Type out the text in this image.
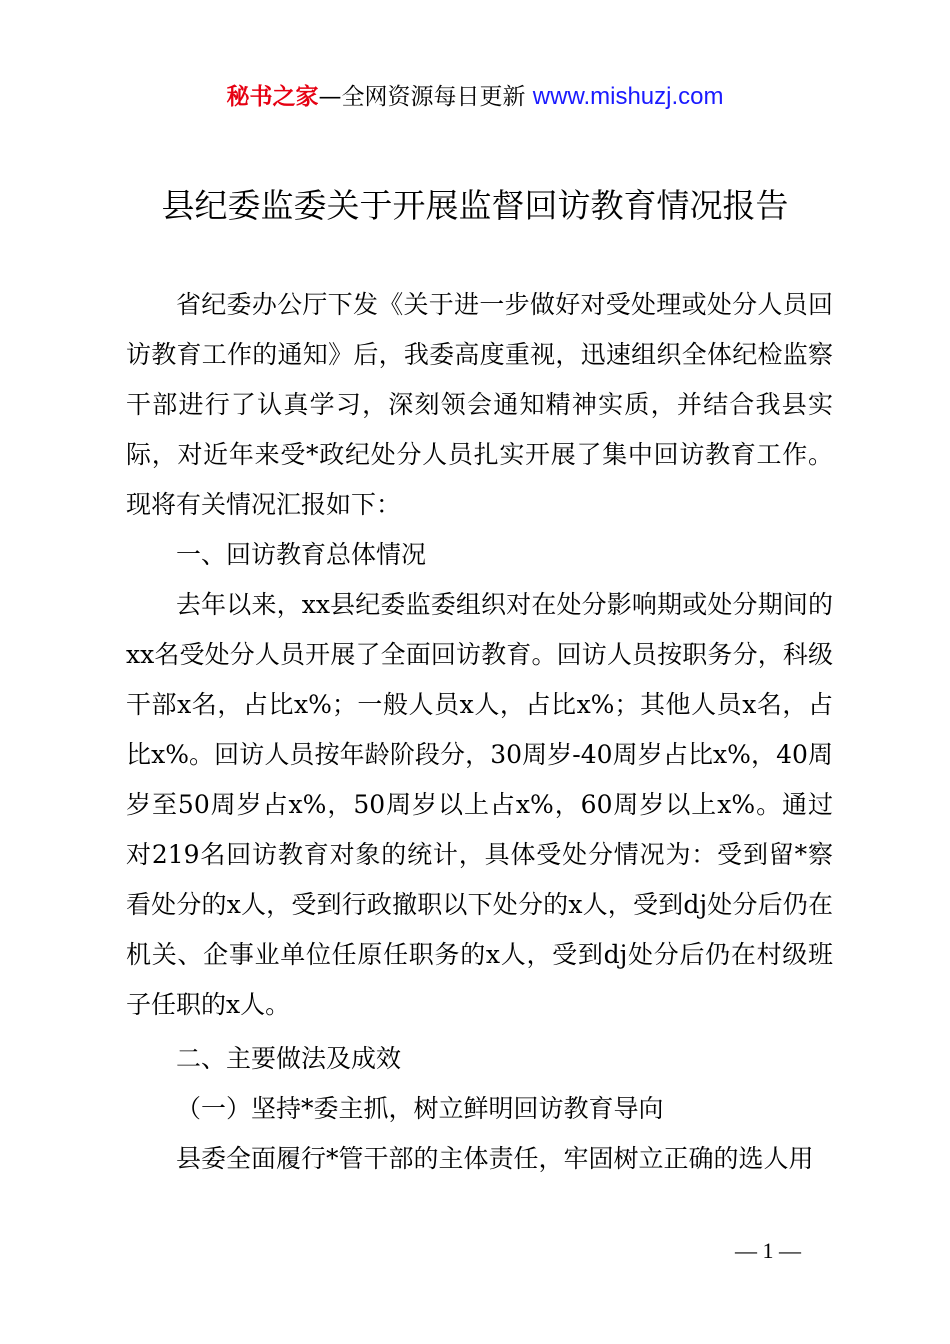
秘书之家—全网资源每日更新 www.mishuzj.com
县纪委监委关于开展监督回访教育情况报告

省纪委办公厅下发《关于进一步做好对受处理或处分人员回访教育工作的通知》后，我委高度重视，迅速组织全体纪检监察干部进行了认真学习，深刻领会通知精神实质，并结合我县实际，对近年来受*政纪处分人员扎实开展了集中回访教育工作。现将有关情况汇报如下：

一、回访教育总体情况

去年以来，xx县纪委监委组织对在处分影响期或处分期间的xx名受处分人员开展了全面回访教育。回访人员按职务分，科级干部x名，占比x%；一般人员x人，占比x%；其他人员x名，占比x%。回访人员按年龄阶段分，30周岁-40周岁占比x%，40周岁至50周岁占x%，50周岁以上占x%，60周岁以上x%。通过对219名回访教育对象的统计，具体受处分情况为：受到留*察看处分的x人，受到行政撤职以下处分的x人，受到dj处分后仍在机关、企事业单位任原任职务的x人，受到dj处分后仍在村级班子任职的x人。

二、主要做法及成效

（一）坚持*委主抓，树立鲜明回访教育导向

县委全面履行*管干部的主体责任，牢固树立正确的选人用

— 1 —
